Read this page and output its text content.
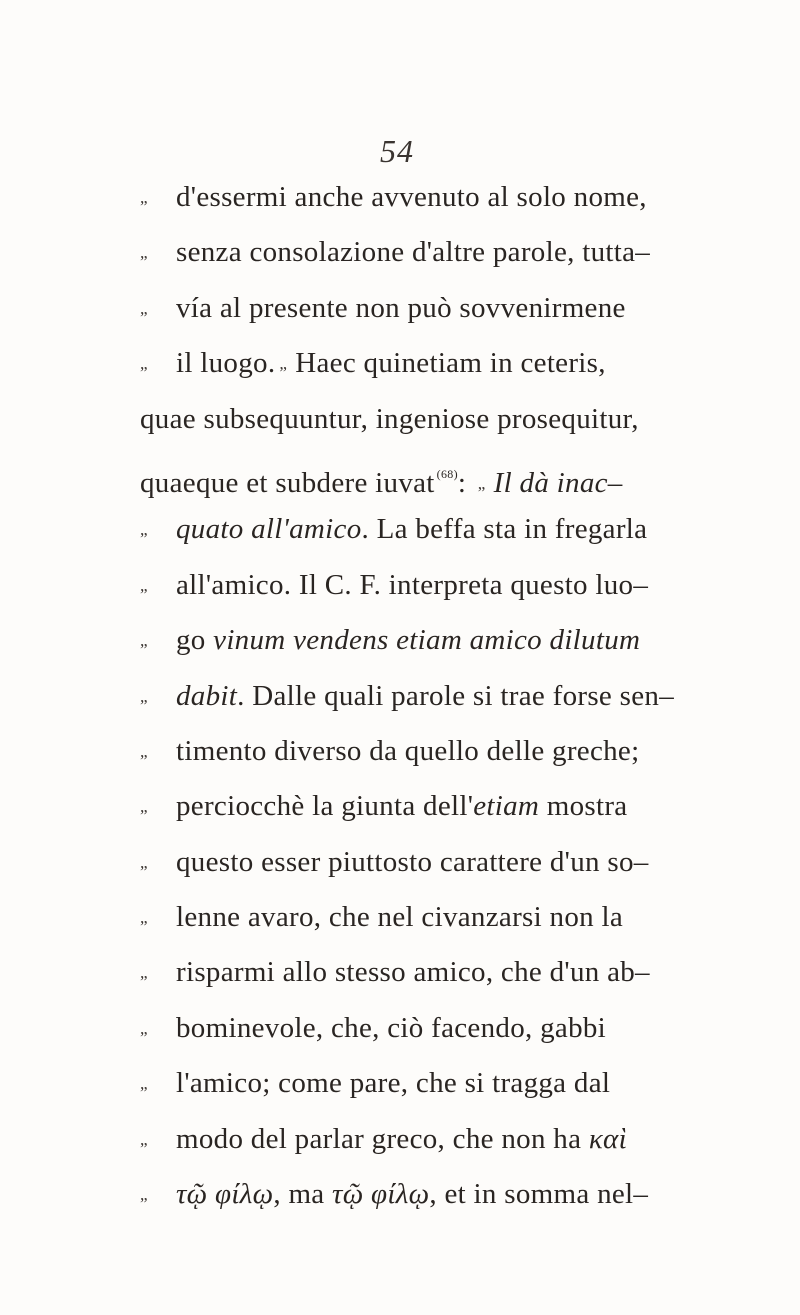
54
„ d'essermi anche avvenuto al solo nome,
„ senza consolazione d'altre parole, tutta–
„ vía al presente non può sovvenirmene
„ il luogo. „ Haec quinetiam in ceteris,
quae subsequuntur, ingeniose prosequitur,
quaeque et subdere iuvat $^{(68)}$: „ Il dà inac–
„ quato all'amico. La beffa sta in fregarla
„ all'amico. Il C. F. interpreta questo luo–
„ go vinum vendens etiam amico dilutum
„ dabit. Dalle quali parole si trae forse sen–
„ timento diverso da quello delle greche;
„ perciocchè la giunta dell'etiam mostra
„ questo esser piuttosto carattere d'un so–
„ lenne avaro, che nel civanzarsi non la
„ risparmi allo stesso amico, che d'un ab–
„ bominevole, che, ciò facendo, gabbi
„ l'amico; come pare, che si tragga dal
„ modo del parlar greco, che non ha καὶ
„ τῷ φίλῳ, ma τῷ φίλῳ, et in somma nel–
